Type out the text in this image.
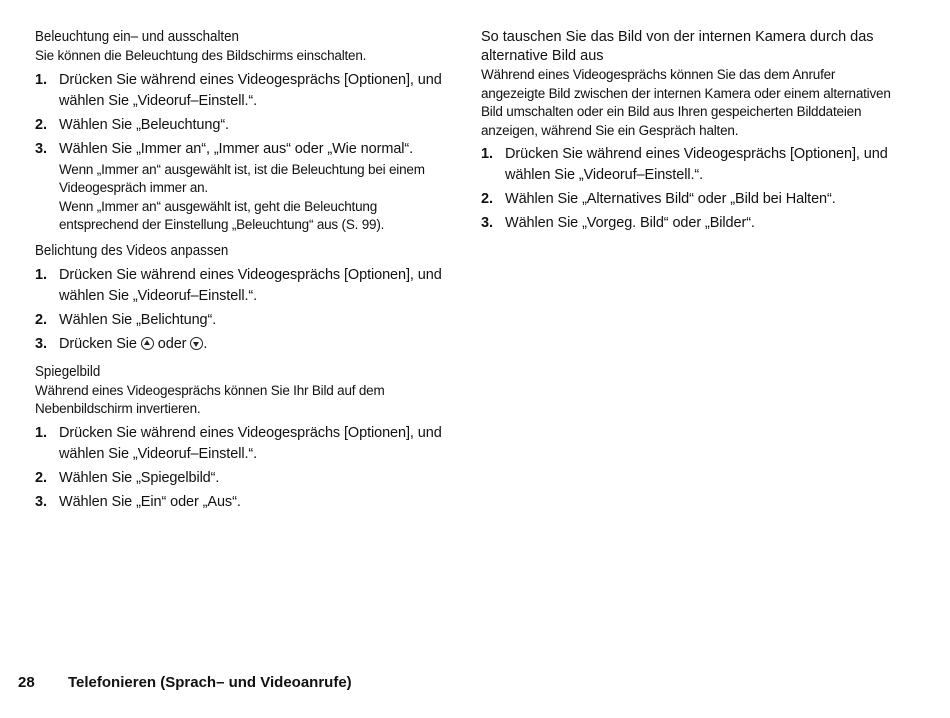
Beleuchtung ein– und ausschalten
Sie können die Beleuchtung des Bildschirms einschalten.
1. Drücken Sie während eines Videogesprächs [Optionen], und wählen Sie „Videoruf–Einstell.“.
2. Wählen Sie „Beleuchtung“.
3. Wählen Sie „Immer an“, „Immer aus“ oder „Wie normal“.
Wenn „Immer an“ ausgewählt ist, ist die Beleuchtung bei einem Videogespräch immer an.
Wenn „Immer an“ ausgewählt ist, geht die Beleuchtung entsprechend der Einstellung „Beleuchtung“ aus (S. 99).
Belichtung des Videos anpassen
1. Drücken Sie während eines Videogesprächs [Optionen], und wählen Sie „Videoruf–Einstell.“.
2. Wählen Sie „Belichtung“.
3. Drücken Sie oder .
Spiegelbild
Während eines Videogesprächs können Sie Ihr Bild auf dem Nebenbildschirm invertieren.
1. Drücken Sie während eines Videogesprächs [Optionen], und wählen Sie „Videoruf–Einstell.“.
2. Wählen Sie „Spiegelbild“.
3. Wählen Sie „Ein“ oder „Aus“.
So tauschen Sie das Bild von der internen Kamera durch das alternative Bild aus
Während eines Videogesprächs können Sie das dem Anrufer angezeigte Bild zwischen der internen Kamera oder einem alternativen Bild umschalten oder ein Bild aus Ihren gespeicherten Bilddateien anzeigen, während Sie ein Gespräch halten.
1. Drücken Sie während eines Videogesprächs [Optionen], und wählen Sie „Videoruf–Einstell.“.
2. Wählen Sie „Alternatives Bild“ oder „Bild bei Halten“.
3. Wählen Sie „Vorgeg. Bild“ oder „Bilder“.
28 Telefonieren (Sprach– und Videoanrufe)
